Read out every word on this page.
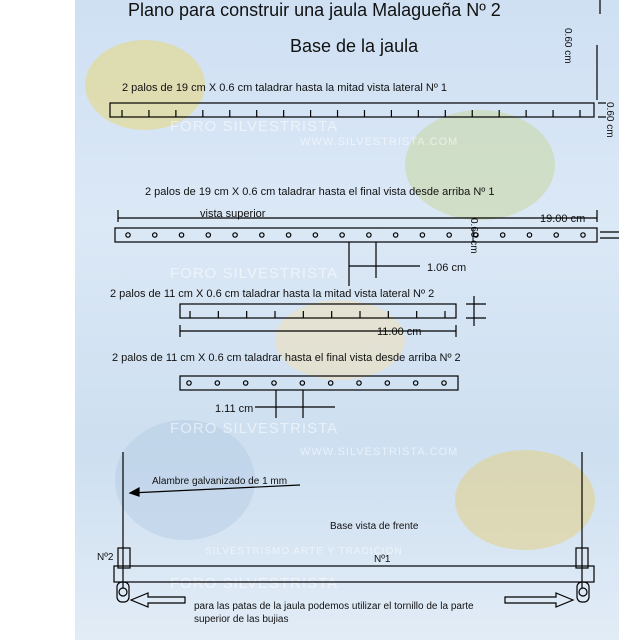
FORO SILVESTRISTA
WWW.SILVESTRISTA.COM
FORO SILVESTRISTA
FORO SILVESTRISTA
WWW.SILVESTRISTA.COM
SILVESTRISMO ARTE Y TRADICION
FORO SILVESTRISTA
Plano para construir una jaula Malagueña Nº 2
Base de la jaula
2 palos de 19 cm X 0.6 cm taladrar hasta la mitad vista lateral Nº 1
2 palos de 19 cm X 0.6 cm taladrar hasta el final vista desde arriba Nº 1
vista superior	19.00 cm
1.06 cm
2 palos de 11 cm X 0.6 cm taladrar hasta la mitad vista lateral Nº 2
11.00 cm
2 palos de 11 cm X 0.6 cm taladrar hasta el final vista desde arriba Nº 2
1.11 cm
0.60 cm
0.60 cm
0.60 cm
Alambre galvanizado de 1 mm
Base vista de frente
Nº2	Nº1
para las patas de la jaula podemos utilizar el tornillo de la parte
superior de las bujias
